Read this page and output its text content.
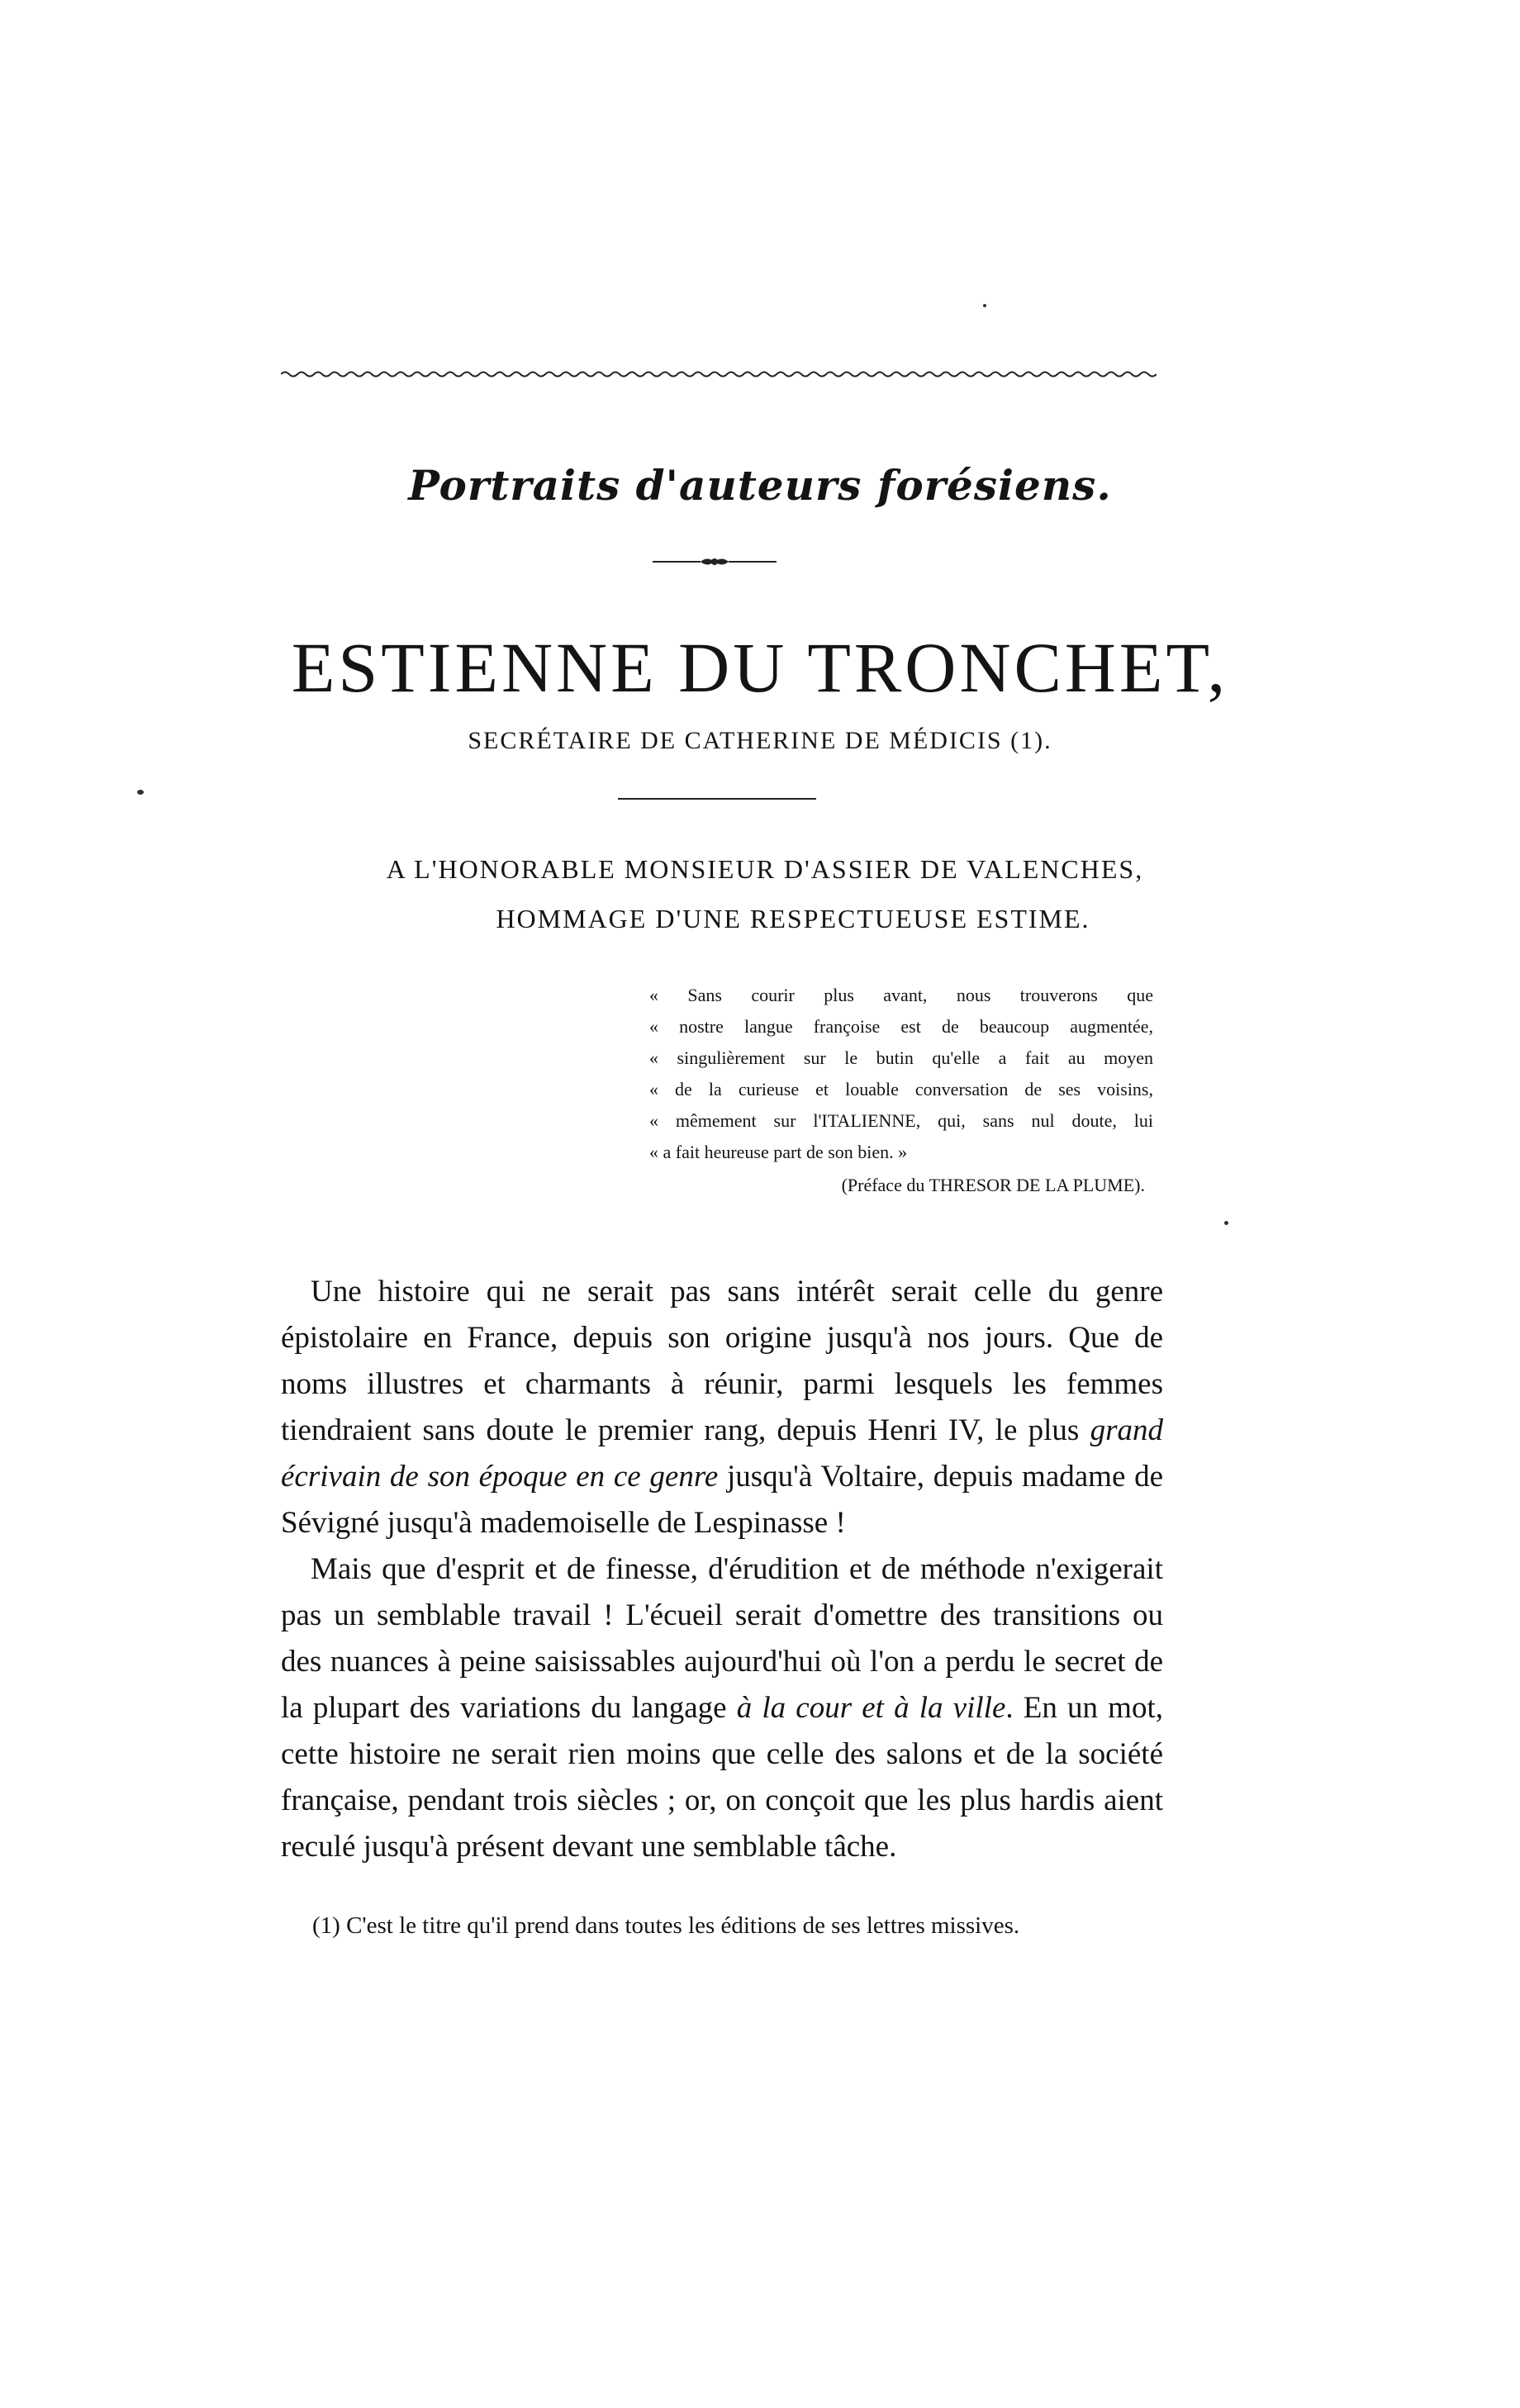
Portraits d'auteurs forésiens.
ESTIENNE DU TRONCHET,
SECRÉTAIRE DE CATHERINE DE MÉDICIS (1).
A L'HONORABLE MONSIEUR D'ASSIER DE VALENCHES,
HOMMAGE D'UNE RESPECTUEUSE ESTIME.
« Sans courir plus avant, nous trouverons que
« nostre langue françoise est de beaucoup augmentée,
« singulièrement sur le butin qu'elle a fait au moyen
« de la curieuse et louable conversation de ses voisins,
« mêmement sur l'ITALIENNE, qui, sans nul doute, lui
« a fait heureuse part de son bien. »
(Préface du THRESOR DE LA PLUME).

Une histoire qui ne serait pas sans intérêt serait celle du genre épistolaire en France, depuis son origine jusqu'à nos jours. Que de noms illustres et charmants à réunir, parmi lesquels les femmes tiendraient sans doute le premier rang, depuis Henri IV, le plus grand écrivain de son époque en ce genre jusqu'à Voltaire, depuis madame de Sévigné jusqu'à mademoiselle de Lespinasse !

Mais que d'esprit et de finesse, d'érudition et de méthode n'exigerait pas un semblable travail ! L'écueil serait d'omettre des transitions ou des nuances à peine saisissables aujourd'hui où l'on a perdu le secret de la plupart des variations du langage à la cour et à la ville. En un mot, cette histoire ne serait rien moins que celle des salons et de la société française, pendant trois siècles ; or, on conçoit que les plus hardis aient reculé jusqu'à présent devant une semblable tâche.

(1) C'est le titre qu'il prend dans toutes les éditions de ses lettres missives.
